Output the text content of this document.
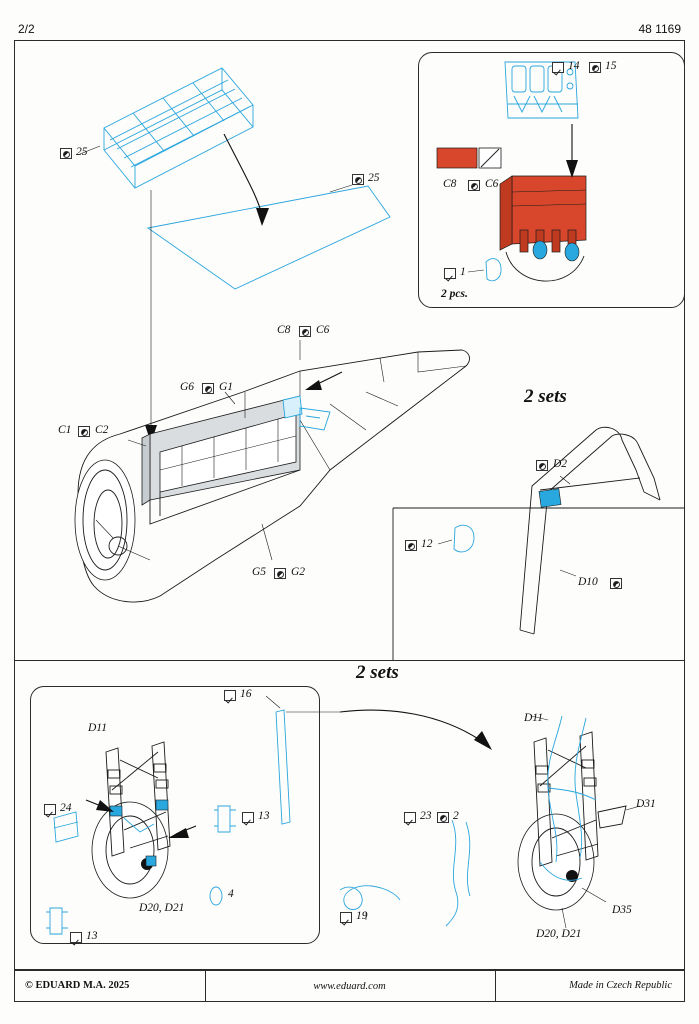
2/2	48 1169
25
25
14 15
C8 C6
1
2 pcs.
C8 C6
G6 G1
C1 C2
G5 G2
2 sets
D2
D10
12
2 sets
16
D11
24
13
13
D20, D21
4
23 2
19
D11
D31
D35
D20, D21
© EDUARD M.A. 2025	www.eduard.com	Made in Czech Republic
